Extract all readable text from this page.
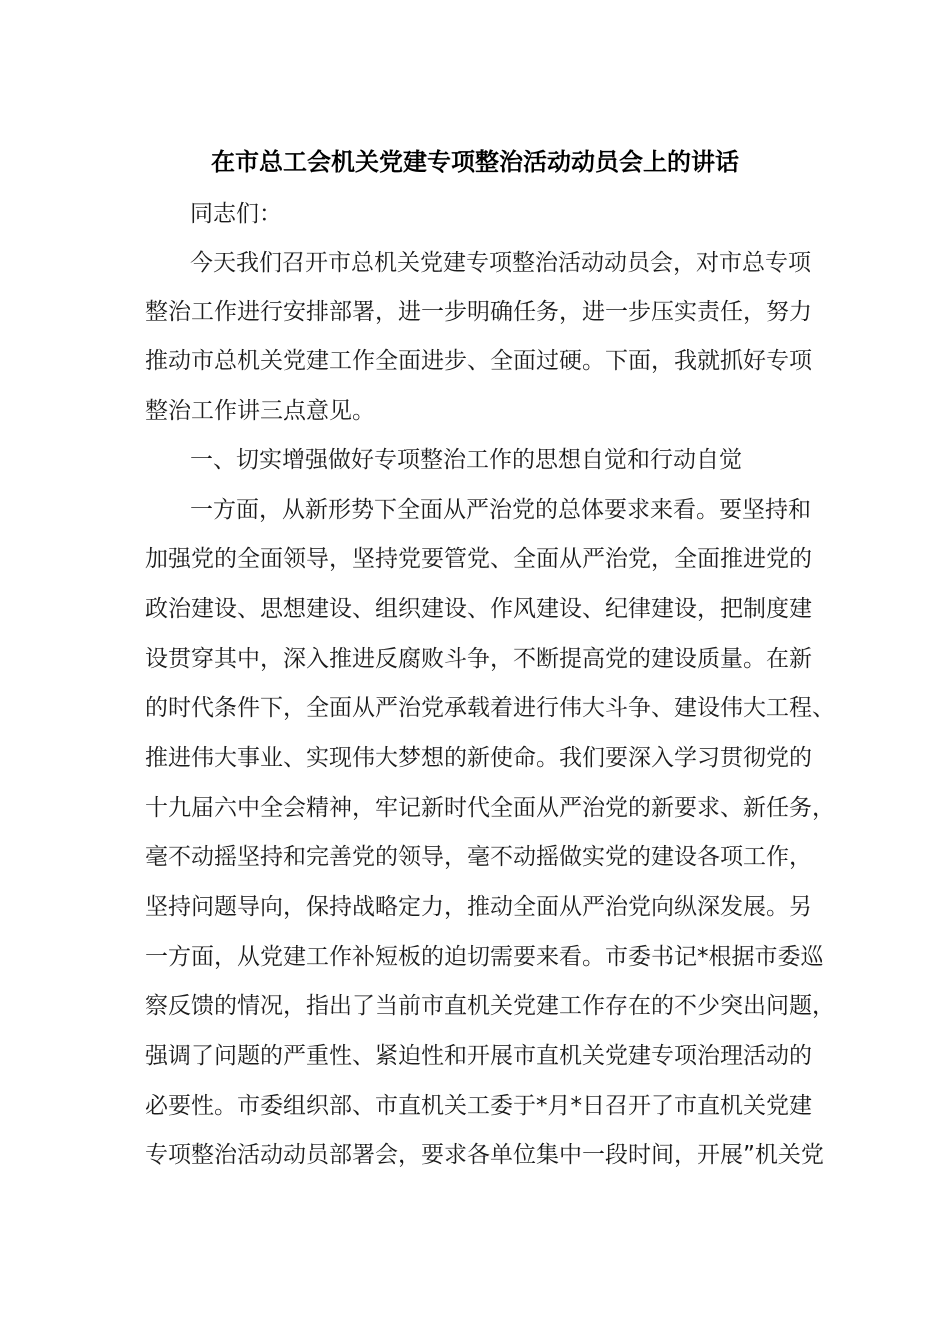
在市总工会机关党建专项整治活动动员会上的讲话
同志们：
今天我们召开市总机关党建专项整治活动动员会，对市总专项
整治工作进行安排部署，进一步明确任务，进一步压实责任，努力
推动市总机关党建工作全面进步、全面过硬。下面，我就抓好专项
整治工作讲三点意见。
一、切实增强做好专项整治工作的思想自觉和行动自觉
一方面，从新形势下全面从严治党的总体要求来看。要坚持和
加强党的全面领导，坚持党要管党、全面从严治党，全面推进党的
政治建设、思想建设、组织建设、作风建设、纪律建设，把制度建
设贯穿其中，深入推进反腐败斗争，不断提高党的建设质量。在新
的时代条件下，全面从严治党承载着进行伟大斗争、建设伟大工程、
推进伟大事业、实现伟大梦想的新使命。我们要深入学习贯彻党的
十九届六中全会精神，牢记新时代全面从严治党的新要求、新任务，
毫不动摇坚持和完善党的领导，毫不动摇做实党的建设各项工作，
坚持问题导向，保持战略定力，推动全面从严治党向纵深发展。另
一方面，从党建工作补短板的迫切需要来看。市委书记*根据市委巡
察反馈的情况，指出了当前市直机关党建工作存在的不少突出问题，
强调了问题的严重性、紧迫性和开展市直机关党建专项治理活动的
必要性。市委组织部、市直机关工委于*月*日召开了市直机关党建
专项整治活动动员部署会，要求各单位集中一段时间，开展”机关党
